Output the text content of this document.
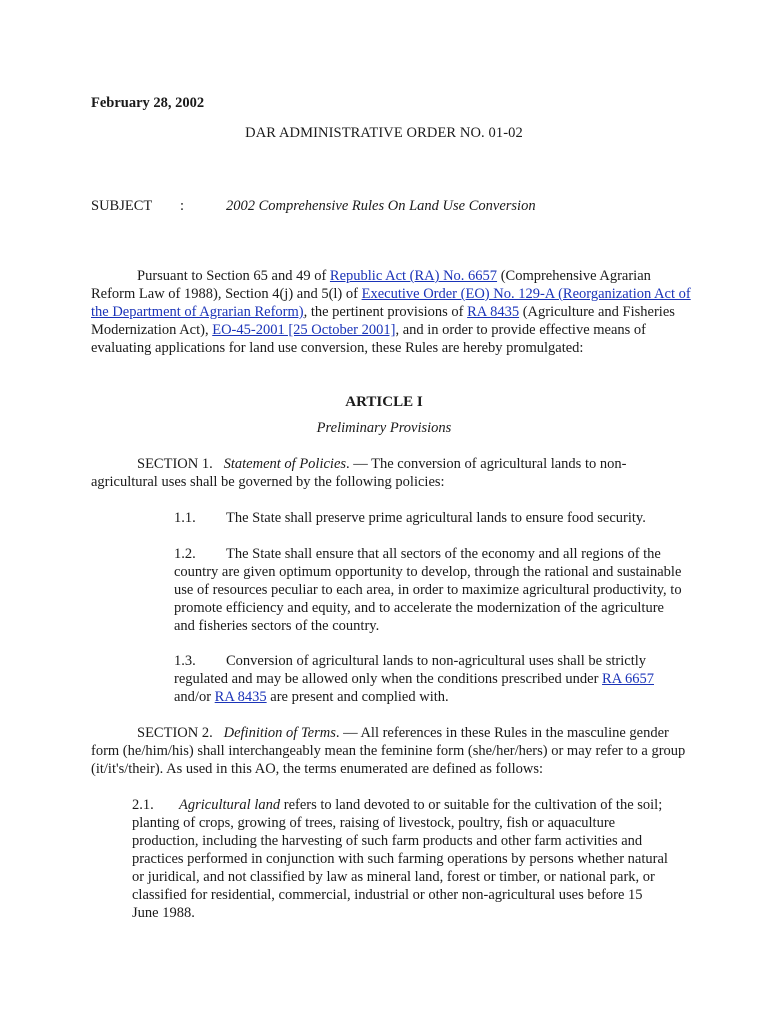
February 28, 2002
DAR ADMINISTRATIVE ORDER NO. 01-02
SUBJECT :	2002 Comprehensive Rules On Land Use Conversion
Pursuant to Section 65 and 49 of Republic Act (RA) No. 6657 (Comprehensive Agrarian Reform Law of 1988), Section 4(j) and 5(l) of Executive Order (EO) No. 129-A (Reorganization Act of the Department of Agrarian Reform), the pertinent provisions of RA 8435 (Agriculture and Fisheries Modernization Act), EO-45-2001 [25 October 2001], and in order to provide effective means of evaluating applications for land use conversion, these Rules are hereby promulgated:
ARTICLE I
Preliminary Provisions
SECTION 1. Statement of Policies. — The conversion of agricultural lands to non-agricultural uses shall be governed by the following policies:
1.1. The State shall preserve prime agricultural lands to ensure food security.
1.2. The State shall ensure that all sectors of the economy and all regions of the country are given optimum opportunity to develop, through the rational and sustainable use of resources peculiar to each area, in order to maximize agricultural productivity, to promote efficiency and equity, and to accelerate the modernization of the agriculture and fisheries sectors of the country.
1.3. Conversion of agricultural lands to non-agricultural uses shall be strictly regulated and may be allowed only when the conditions prescribed under RA 6657 and/or RA 8435 are present and complied with.
SECTION 2. Definition of Terms. — All references in these Rules in the masculine gender form (he/him/his) shall interchangeably mean the feminine form (she/her/hers) or may refer to a group (it/it's/their). As used in this AO, the terms enumerated are defined as follows:
2.1. Agricultural land refers to land devoted to or suitable for the cultivation of the soil; planting of crops, growing of trees, raising of livestock, poultry, fish or aquaculture production, including the harvesting of such farm products and other farm activities and practices performed in conjunction with such farming operations by persons whether natural or juridical, and not classified by law as mineral land, forest or timber, or national park, or classified for residential, commercial, industrial or other non-agricultural uses before 15 June 1988.
